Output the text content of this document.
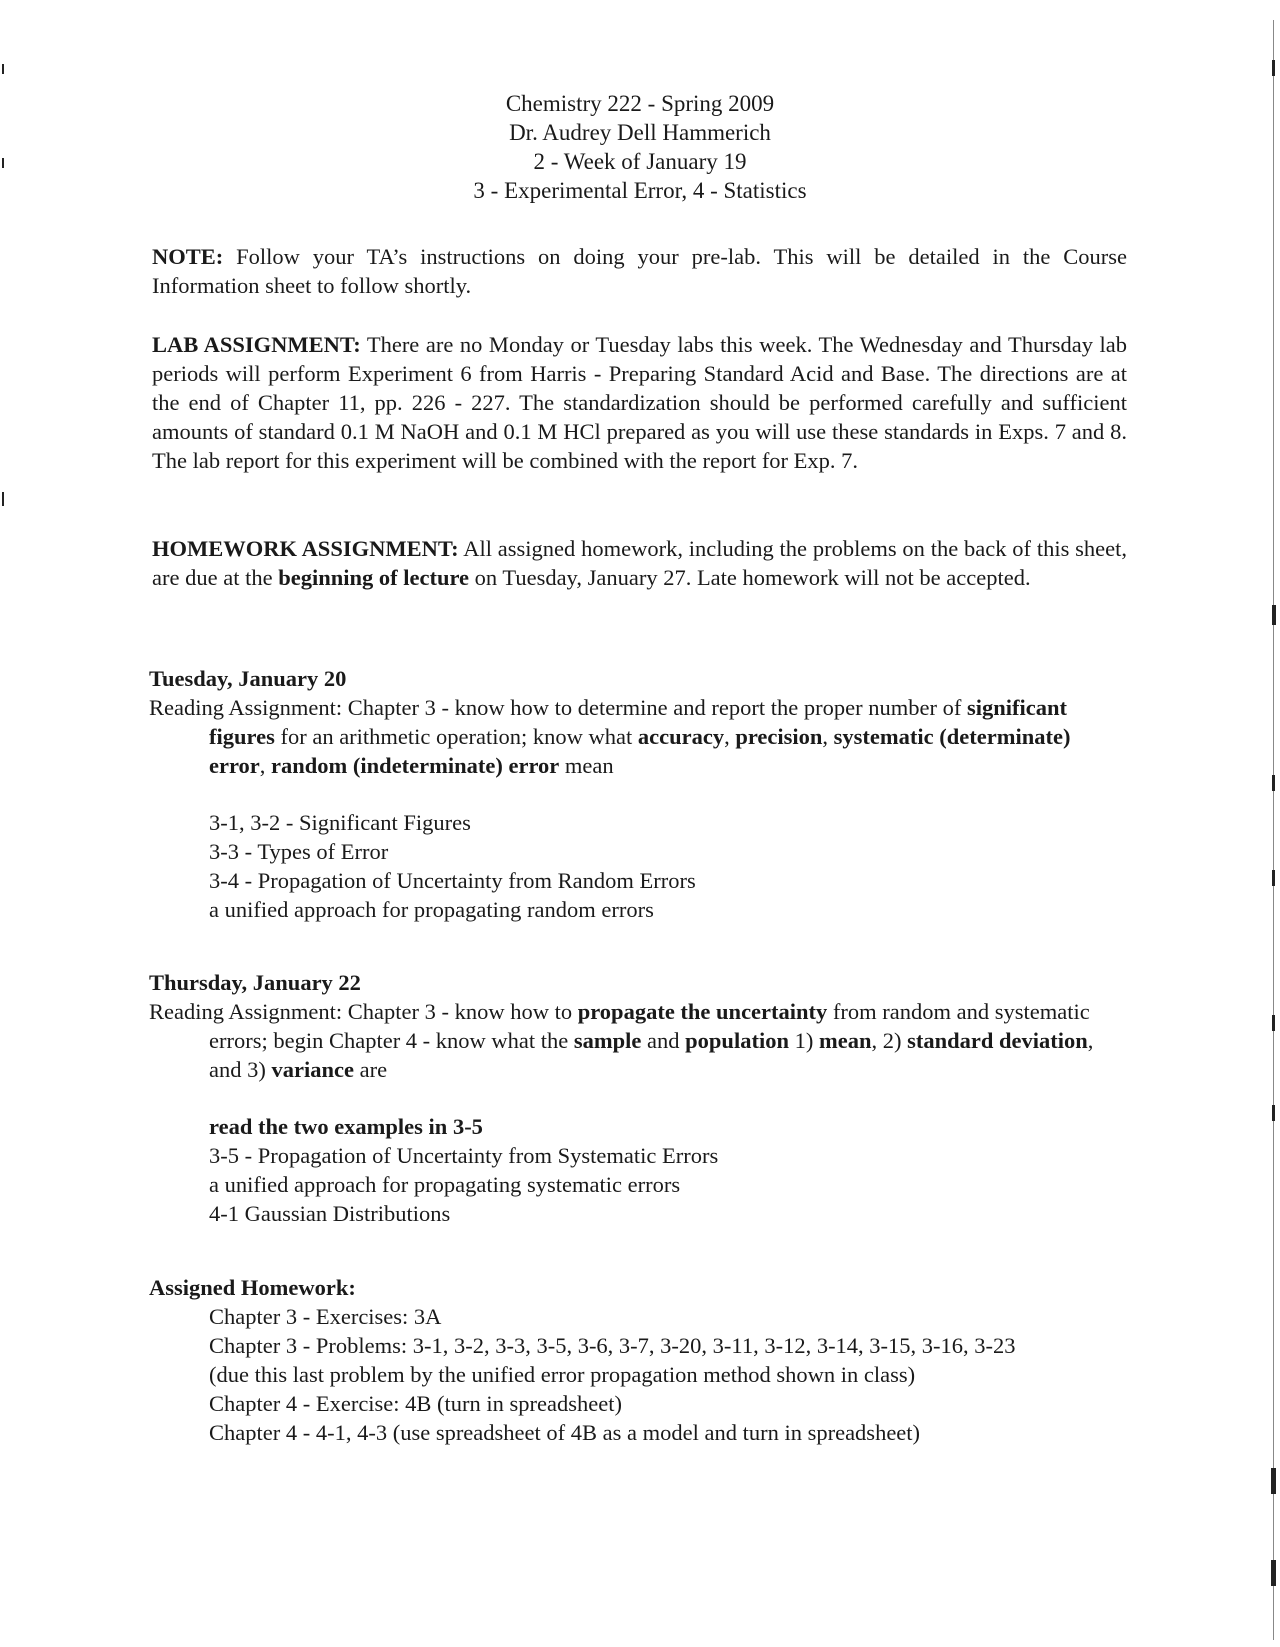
Chemistry 222 - Spring 2009
Dr. Audrey Dell Hammerich
2 - Week of January 19
3 - Experimental Error, 4 - Statistics
NOTE: Follow your TA’s instructions on doing your pre-lab. This will be detailed in the Course Information sheet to follow shortly.
LAB ASSIGNMENT: There are no Monday or Tuesday labs this week. The Wednesday and Thursday lab periods will perform Experiment 6 from Harris - Preparing Standard Acid and Base. The directions are at the end of Chapter 11, pp. 226 - 227. The standardization should be performed carefully and sufficient amounts of standard 0.1 M NaOH and 0.1 M HCl prepared as you will use these standards in Exps. 7 and 8. The lab report for this experiment will be combined with the report for Exp. 7.
HOMEWORK ASSIGNMENT: All assigned homework, including the problems on the back of this sheet, are due at the beginning of lecture on Tuesday, January 27. Late homework will not be accepted.
Tuesday, January 20
Reading Assignment: Chapter 3 - know how to determine and report the proper number of significant figures for an arithmetic operation; know what accuracy, precision, systematic (determinate) error, random (indeterminate) error mean
3-1, 3-2 - Significant Figures
3-3 - Types of Error
3-4 - Propagation of Uncertainty from Random Errors
a unified approach for propagating random errors
Thursday, January 22
Reading Assignment: Chapter 3 - know how to propagate the uncertainty from random and systematic errors; begin Chapter 4 - know what the sample and population 1) mean, 2) standard deviation, and 3) variance are
read the two examples in 3-5
3-5 - Propagation of Uncertainty from Systematic Errors
a unified approach for propagating systematic errors
4-1 Gaussian Distributions
Assigned Homework:
Chapter 3 - Exercises: 3A
Chapter 3 - Problems: 3-1, 3-2, 3-3, 3-5, 3-6, 3-7, 3-20, 3-11, 3-12, 3-14, 3-15, 3-16, 3-23
(due this last problem by the unified error propagation method shown in class)
Chapter 4 - Exercise: 4B (turn in spreadsheet)
Chapter 4 - 4-1, 4-3 (use spreadsheet of 4B as a model and turn in spreadsheet)
